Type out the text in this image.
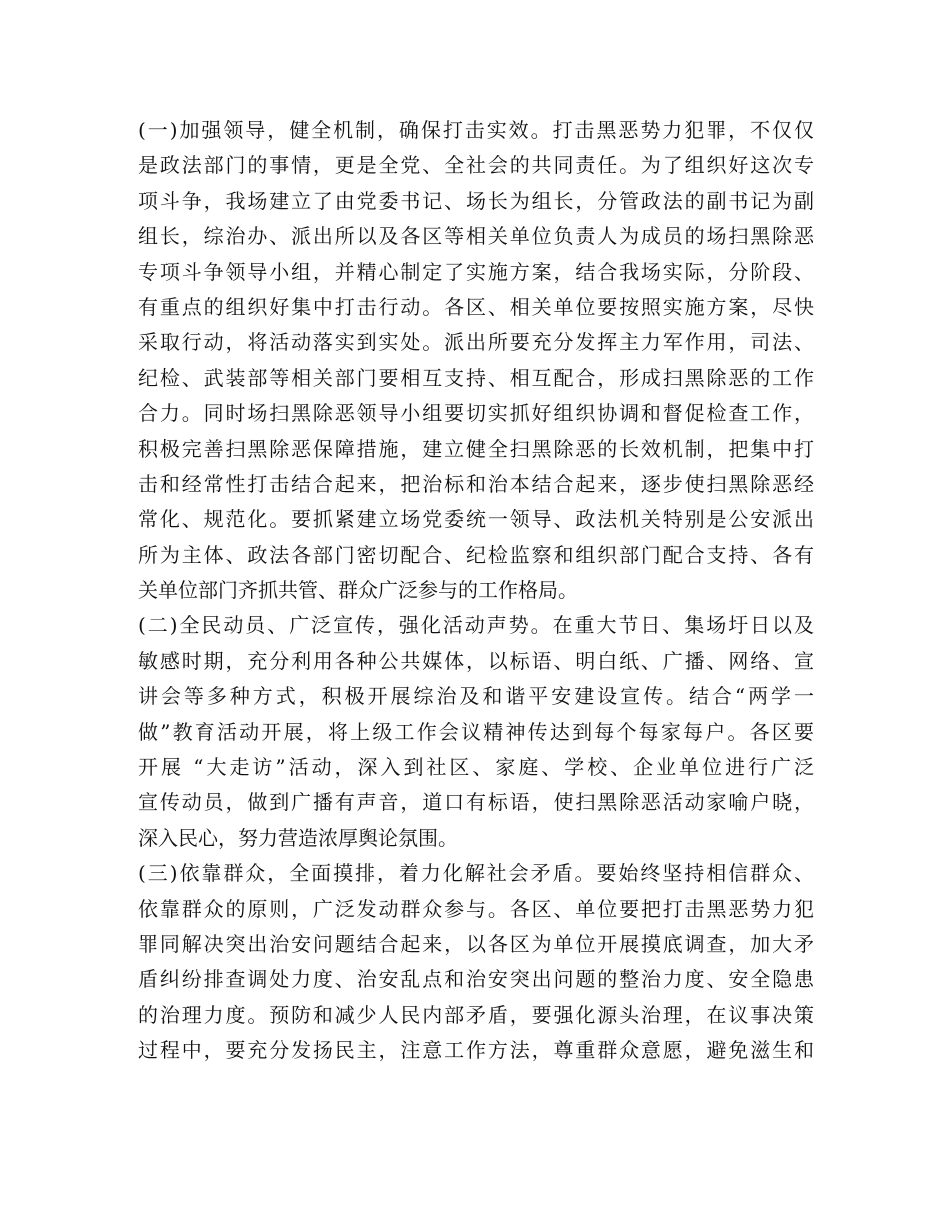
(一)加强领导，健全机制，确保打击实效。打击黑恶势力犯罪，不仅仅
是政法部门的事情，更是全党、全社会的共同责任。为了组织好这次专
项斗争，我场建立了由党委书记、场长为组长，分管政法的副书记为副
组长，综治办、派出所以及各区等相关单位负责人为成员的场扫黑除恶
专项斗争领导小组，并精心制定了实施方案，结合我场实际，分阶段、
有重点的组织好集中打击行动。各区、相关单位要按照实施方案，尽快
采取行动，将活动落实到实处。派出所要充分发挥主力军作用，司法、
纪检、武装部等相关部门要相互支持、相互配合，形成扫黑除恶的工作
合力。同时场扫黑除恶领导小组要切实抓好组织协调和督促检查工作，
积极完善扫黑除恶保障措施，建立健全扫黑除恶的长效机制，把集中打
击和经常性打击结合起来，把治标和治本结合起来，逐步使扫黑除恶经
常化、规范化。要抓紧建立场党委统一领导、政法机关特别是公安派出
所为主体、政法各部门密切配合、纪检监察和组织部门配合支持、各有
关单位部门齐抓共管、群众广泛参与的工作格局。
(二)全民动员、广泛宣传，强化活动声势。在重大节日、集场圩日以及
敏感时期，充分利用各种公共媒体，以标语、明白纸、广播、网络、宣
讲会等多种方式，积极开展综治及和谐平安建设宣传。结合“两学一
做”教育活动开展，将上级工作会议精神传达到每个每家每户。各区要
开展 “大走访”活动，深入到社区、家庭、学校、企业单位进行广泛
宣传动员，做到广播有声音，道口有标语，使扫黑除恶活动家喻户晓，
深入民心，努力营造浓厚舆论氛围。
(三)依靠群众，全面摸排，着力化解社会矛盾。要始终坚持相信群众、
依靠群众的原则，广泛发动群众参与。各区、单位要把打击黑恶势力犯
罪同解决突出治安问题结合起来，以各区为单位开展摸底调查，加大矛
盾纠纷排查调处力度、治安乱点和治安突出问题的整治力度、安全隐患
的治理力度。预防和减少人民内部矛盾，要强化源头治理，在议事决策
过程中，要充分发扬民主，注意工作方法，尊重群众意愿，避免滋生和
